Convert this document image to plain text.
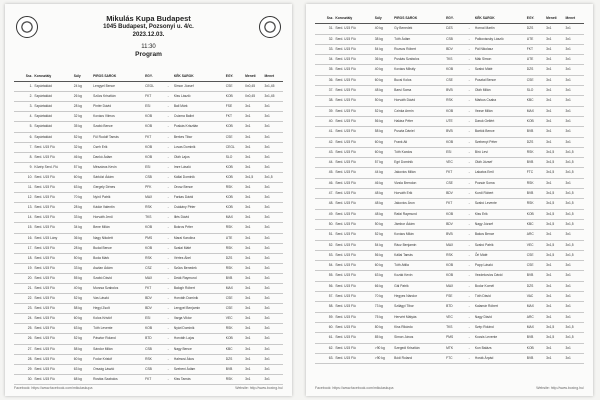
Mikulás Kupa Budapest
1045 Budapest, Pozsonyi u. 4/c.
2023.12.03.
11:30
Program
Ssz.	Korosztály	Súly	PIROS SAROK	EGY.		KÉK SAROK	EGY.	Meneti	Menet
1.	Szpártakiád	24 kg	Lengyel Bence	CEGL	-	Simon József	CSE	0x0,45	3x1,45
2.	Szpártakiád	26 kg	Szűcs Krisztián	FKT	-	Kiss László	KOB	0x0,45	3x1,45
3.	Szpártakiád	28 kg	Pintér Dávid	ESI	-	Bali Márk	FSE	3x1	3x1
4.	Szpártakiád	32 kg	Kovács Vilmos	KOB	-	Csizma Balint	FKT	3x1	3x1
5.	Szpártakiád	35 kg	Szabó Bence	KOB	-	Puskás Krisztián	KOB	3x1	3x1
6.	Szpártakiád	52 kg	Fül Rudolf Tamás	FKT	-	Berkes Tibor	CSE	3x1	3x1
7.	Serd. U15 Fiú	32 kg	Cseh Erik	KOB	-	Lovas Dominik	CEGL	3x1	3x1
8.	Serd. U15 Fiú	46 kg	Dankó Ádám	KOB	-	Oláh Lajos	SLO	3x1	3x1
9.	Közép Serd. Fiú	57 kg	Mészáros Kevin	ESI	-	Imre László	KOB	3x1	3x1
10.	Serd. U15 Fiú	60 kg	Sárközi Ádám	CSB	-	Kállai Dominik	KOB	3x1,5	3x1,5
11.	Serd. U15 Fiú	63 kg	Gergely Dénes	PFK	-	Orosz Bence	RSK	3x1	3x1
12.	Serd. U15 Fiú	70 kg	Nyírő Patrik	MAX	-	Farkas Dávid	KOB	3x1	3x1
13.	Serd. U15 Fiú	28 kg	Kádár Valentin	RSK	-	Csákány Péter	KOB	3x1	3x1
14.	Serd. U15 Fiú	33 kg	Horváth Jenő	TKS	-	Illés Dávid	MAX	3x1	3x1
15.	Serd. U15 Fiú	34 kg	Bene Milán	KOB	-	Bokros Péter	RSK	3x1	3x1
16.	Serd. U15 Lány	36 kg	Nagy Nikolett	PMS	-	Marai Karolina	UTE	3x1	3x1
17.	Serd. U15 Fiú	28 kg	Budai Bence	KOB	-	Szalai Máté	RSK	3x1	3x1
18.	Serd. U15 Fiú	50 kg	Boda Márk	RSK	-	Vértes Ábel	DZS	3x1	3x1
19.	Serd. U15 Fiú	33 kg	Aszlan Ádám	CSZ	-	Szűcs Benedek	RSK	3x1	3x1
20.	Serd. U15 Fiú	55 kg	Szabó Dávid	MAX	-	Deák Raymund	BVB	3x1	3x1
21.	Serd. U15 Fiú	40 kg	Murzsa Szabolcs	FKT	-	Balogh Róbert	MAX	3x1	3x1
22.	Serd. U15 Fiú	52 kg	Vas László	BDV	-	Horváth Dominik	CSE	3x1	3x1
23.	Serd. U15 Fiú	58 kg	Hegyi Zsolt	BDV	-	Lengyel Benjamin	CSE	3x1	3x1
24.	Serd. U15 Fiú	60 kg	Kolos Kristóf	ESI	-	Varga Viktor	VEC	3x1	3x1
25.	Serd. U15 Fiú	63 kg	Tóth Levente	KOB	-	Nyári Dominik	RSK	3x1	3x1
26.	Serd. U15 Fiú	52 kg	Pásztor Roland	BTD	-	Horváth Lajos	KOB	3x1	3x1
27.	Serd. U15 Fiú	58 kg	Sándor Milán	CSB	-	Nagy Bence	KBC	3x1	3x1
28.	Serd. U15 Fiú	60 kg	Fodor Kristóf	RSK	-	Halmosi Ákos	DZS	3x1	3x1
29.	Serd. U15 Fiú	63 kg	Ország László	CSB	-	Szebeni Ádám	BVB	3x1	3x1
30.	Serd. U15 Fiú	68 kg	Rostás Szabolcs	FKT	-	Kiss Tamás	RSK	3x1	3x1
Facebook: https://www.facebook.com/mikulaskupa	Website: http://www.boxing.hu/
Ssz.	Korosztály	Súly	PIROS SAROK	EGY.		KÉK SAROK	EGY.	Meneti	Menet
31.	Serd. U15 Fiú	40 kg	Gy Benedek	DZS	-	Hornai Martin	DZS	3x1	3x1
32.	Serd. U15 Fiú	38 kg	Tóth Ádám	CSB	-	Palkovácsky László	UTE	3x1	3x1
33.	Serd. U15 Fiú	54 kg	Rozsos Róbert	BDV	-	Pál Nikolasz	FKT	3x1	3x1
34.	Serd. U15 Fiú	36 kg	Puskás Szabolcs	TKS	-	Mák Simon	UTE	3x1	3x1
35.	Serd. U15 Fiú	40 kg	Kovács Mihály	KOB	-	Szabó Máté	DZS	3x1	3x1
36.	Serd. U15 Fiú	60 kg	Bucsi Kolos	CSE	-	Pusztai Bence	CSE	3x1	3x1
37.	Serd. U15 Fiú	48 kg	Barsi Soma	BVB	-	Oláh Milán	SLO	3x1	3x1
38.	Serd. U15 Fiú	50 kg	Horváth Dávid	RSK	-	Márkus Csaba	KBC	3x1	3x1
39.	Serd. U15 Fiú	52 kg	Czinka Armin	KOB	-	Vezse Milán	MAX	3x1	3x1
40.	Serd. U15 Fiú	56 kg	Halász Péter	UTE	-	Daruk Gellért	KOB	3x1	3x1
41.	Serd. U15 Fiú	58 kg	Puszta Dániel	BVB	-	Bartók Bence	BVB	3x1	3x1
42.	Serd. U15 Fiú	60 kg	Frank Ati	KOB	-	Szebenyi Péter	DZS	3x1	3x1
43.	Serd. U15 Fiú	60 kg	Tóth Kardos	ESI	-	Bíró Levi	RSK	3x1,5	3x1,5
44.	Serd. U15 Fiú	57 kg	Egri Dominik	VEC	-	Oláh József	BVB	3x1,5	3x1,5
45.	Serd. U15 Fiú	44 kg	Jakovics Milán	FKT	-	Lakatos Emil	FTC	3x1,5	3x1,5
46.	Serd. U15 Fiú	46 kg	Vizsla Brendon	CSE	-	Pozsár Soma	RSK	3x1	3x1
47.	Serd. U15 Fiú	48 kg	Horváth Erik	BDV	-	Kurdi Róbert	BVB	3x1,5	3x1,5
48.	Serd. U15 Fiú	48 kg	Jakovics Áron	FKT	-	Szabó Levente	RSK	3x1,5	3x1,5
49.	Serd. U15 Fiú	48 kg	Rafai Raymund	KOB	-	Kiss Erik	KOB	3x1,5	3x1,5
50.	Serd. U15 Fiú	50 kg	Jámbor Ádám	BDV	-	Nagy József	KBC	3x1,5	3x1,5
51.	Serd. U15 Fiú	52 kg	Kovács Milán	BVB	-	Bakos Bence	ARC	3x1	3x1
52.	Serd. U15 Fiú	54 kg	Rácz Benjamin	MAX	-	Szabó Patrik	VEC	3x1,5	3x1,5
53.	Serd. U15 Fiú	56 kg	Kállai Tamás	RSK	-	Őri Máté	CSE	3x1,5	3x1,5
54.	Serd. U15 Fiú	60 kg	Tóth Attila	KOB	-	Papp László	CSE	3x1	3x1
55.	Serd. U15 Fiú	63 kg	Kozák Kevin	KOB	-	Vezdekovics Dávid	BVB	3x1	3x1
56.	Serd. U15 Fiú	66 kg	Gál Patrik	MAX	-	Bodor Kornél	DZS	3x1	3x1
57.	Serd. U15 Fiú	70 kg	Hegyes Nándor	FSE	-	Tóth Dávid	VAC	3x1	3x1
58.	Serd. U15 Fiú	73 kg	Szilágyi Tibor	BTD	-	Kalamár Róbert	MAX	3x1	3x1
59.	Serd. U15 Fiú	75 kg	Hervért Mátyás	VEC	-	Nagy Dávid	ARC	3x1	3x1
60.	Serd. U15 Fiú	80 kg	Kiss Rikárdo	TKS	-	Szép Rolánd	MAX	3x1,5	3x1,5
61.	Serd. U15 Fiú	85 kg	Simon János	PMS	-	Kocsis Levente	BVB	3x1,5	3x1,5
62.	Serd. U15 Fiú	>90 kg	Szegedi Krisztián	MTK	-	Kun Balázs	KOB	3x1	3x1
63.	Serd. U15 Fiú	>90 kg	Bódi Roland	FTC	-	Horák Árpád	BVB	3x1	3x1
Facebook: https://www.facebook.com/mikulaskupa	Website: http://www.boxing.hu/
